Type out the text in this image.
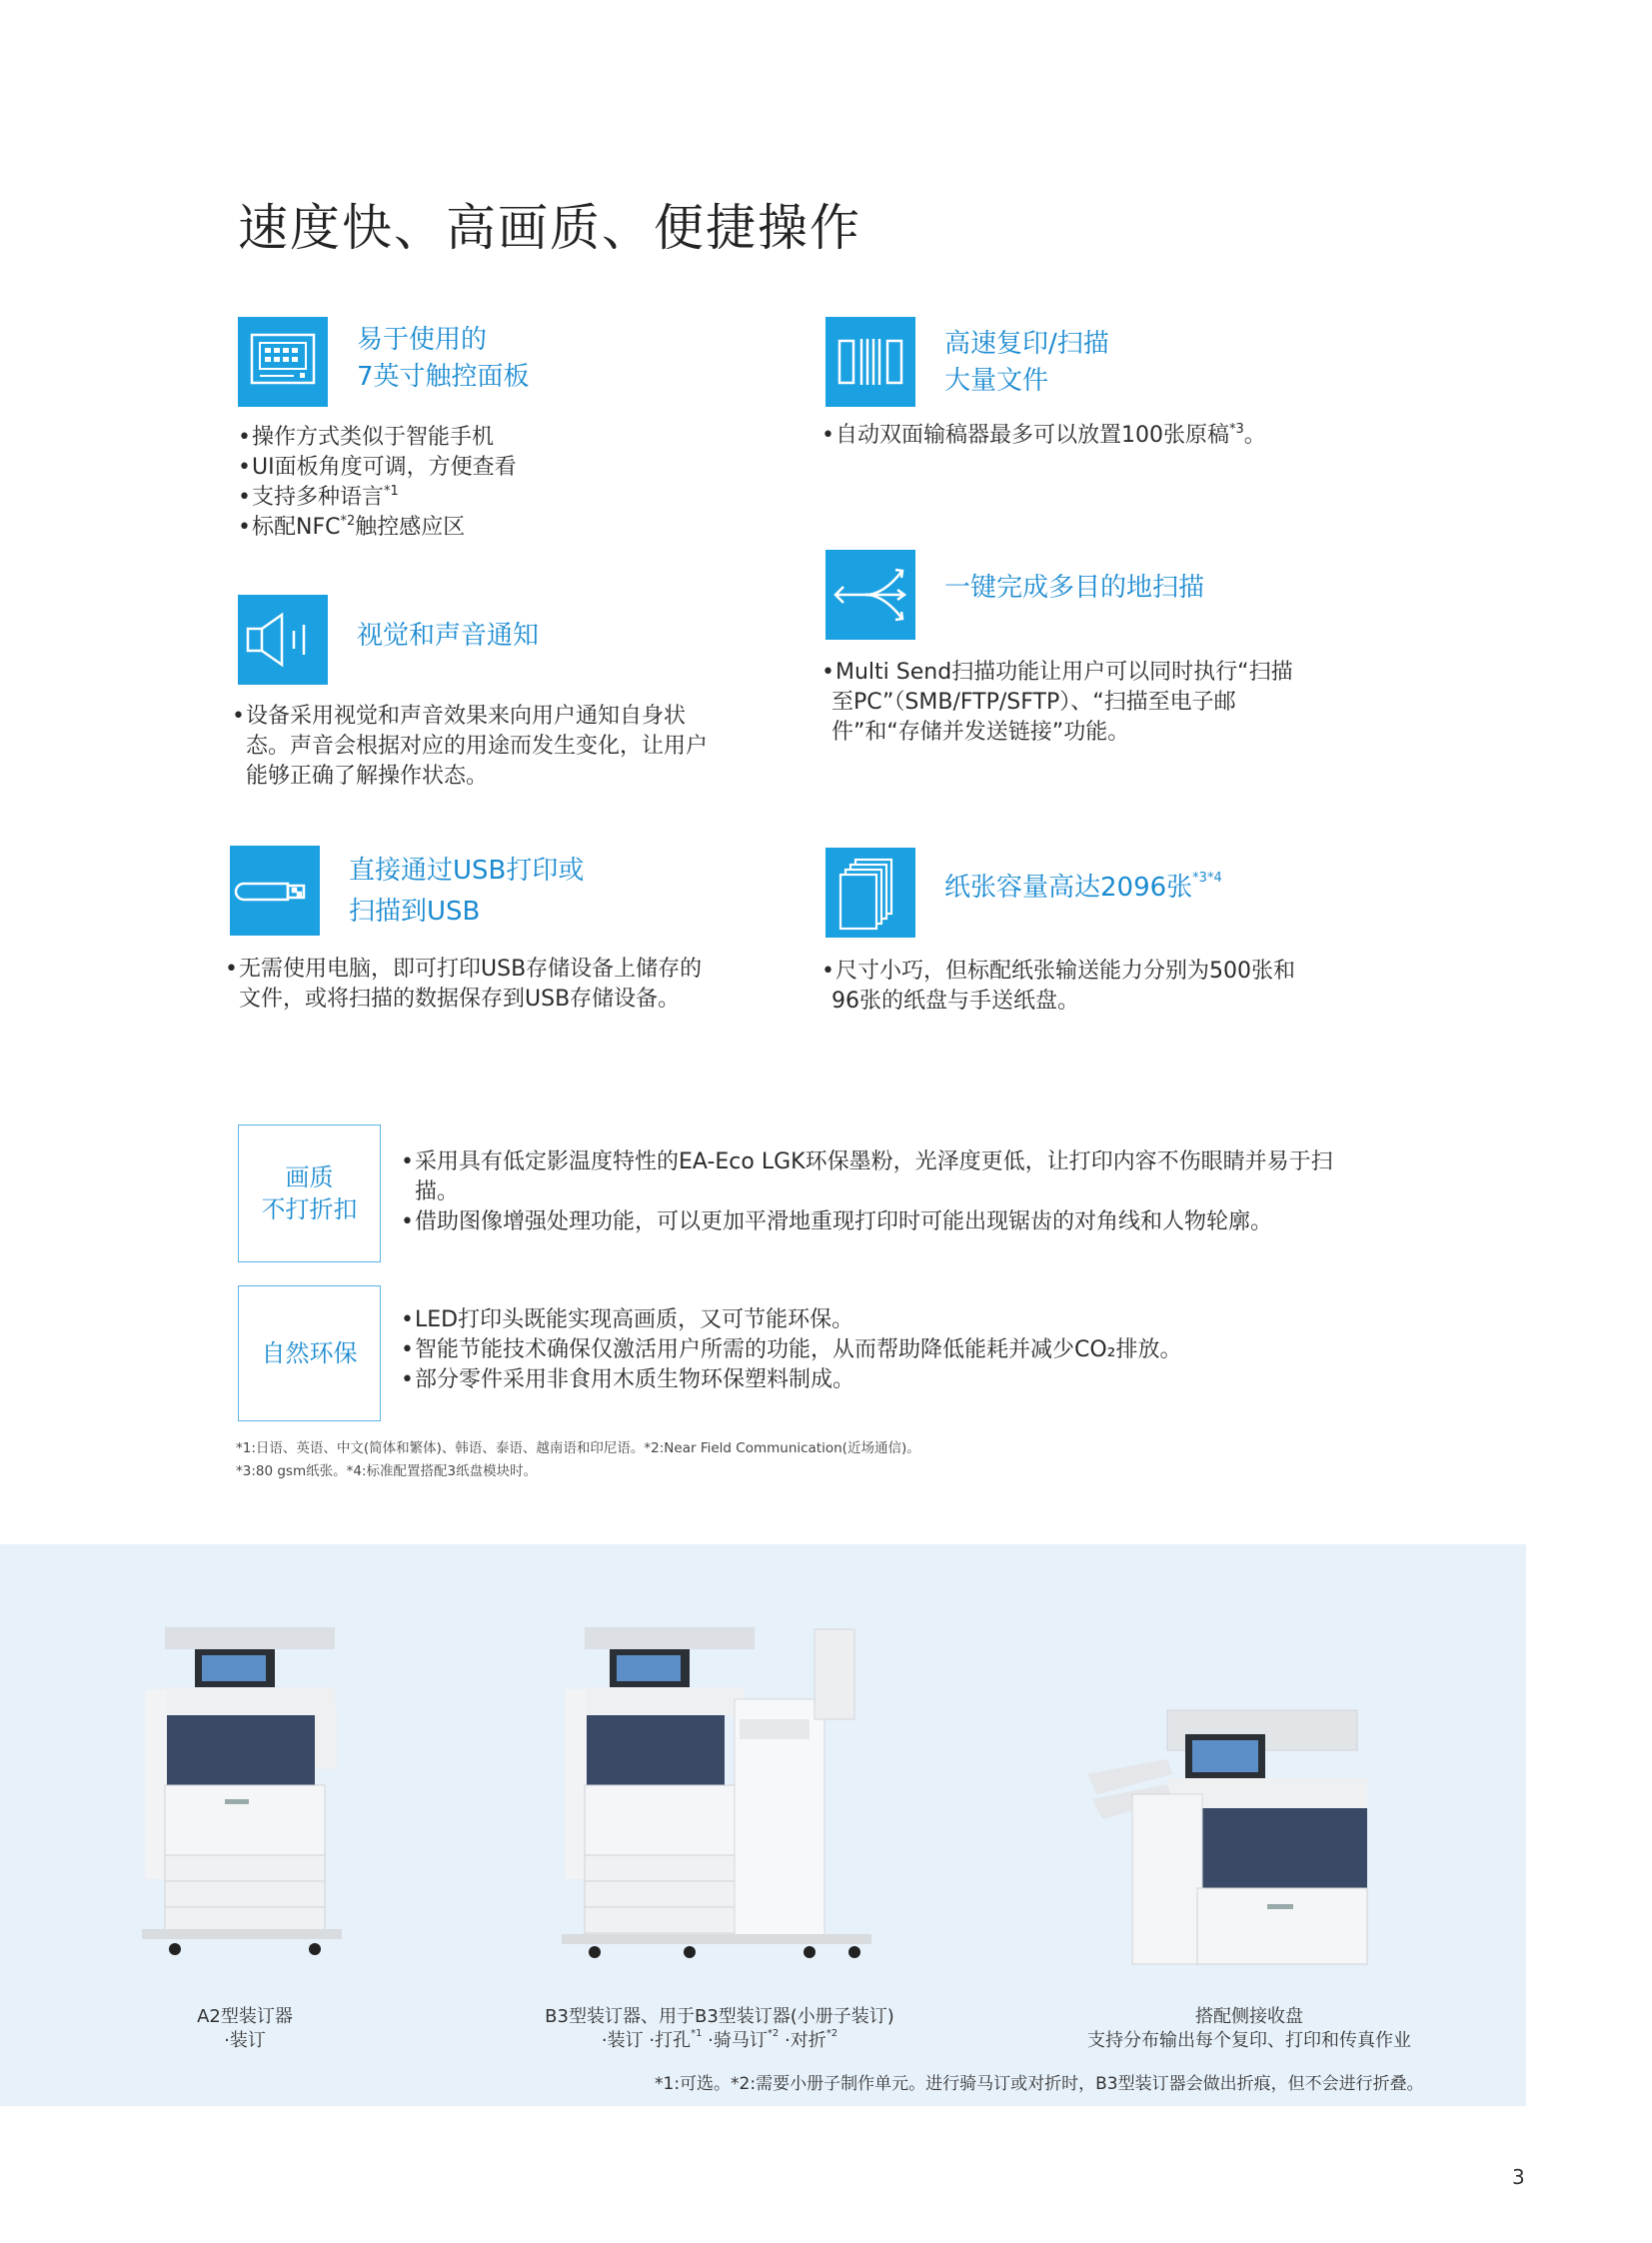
速度快、高画质、便捷操作
易于使用的
7英寸触控面板
• 操作方式类似于智能手机
• UI面板角度可调，方便查看
• 支持多种语言$^{*1}$
• 标配NFC$^{*2}$触控感应区
高速复印/扫描
大量文件
• 自动双面输稿器最多可以放置100张原稿$^{*3}$。
视觉和声音通知
• 设备采用视觉和声音效果来向用户通知自身状
态。声音会根据对应的用途而发生变化，让用户
能够正确了解操作状态。
一键完成多目的地扫描
• Multi Send扫描功能让用户可以同时执行“扫描
至PC”（SMB/FTP/SFTP）、“扫描至电子邮
件”和“存储并发送链接”功能。
直接通过USB打印或
扫描到USB
• 无需使用电脑，即可打印USB存储设备上储存的
文件，或将扫描的数据保存到USB存储设备。
纸张容量高达2096张$^{*3*4}$
• 尺寸小巧，但标配纸张输送能力分别为500张和
96张的纸盘与手送纸盘。
画质
不打折扣
• 采用具有低定影温度特性的EA-Eco LGK环保墨粉，光泽度更低，让打印内容不伤眼睛并易于扫
描。
• 借助图像增强处理功能，可以更加平滑地重现打印时可能出现锯齿的对角线和人物轮廓。
自然环保
• LED打印头既能实现高画质，又可节能环保。
• 智能节能技术确保仅激活用户所需的功能，从而帮助降低能耗并减少CO₂排放。
• 部分零件采用非食用木质生物环保塑料制成。
*1:日语、英语、中文(简体和繁体)、韩语、泰语、越南语和印尼语。*2:Near Field Communication(近场通信)。
*3:80 gsm纸张。*4:标准配置搭配3纸盘模块时。
A2型装订器
·装订
B3型装订器、用于B3型装订器(小册子装订)
·装订 ·打孔$^{*1}$ ·骑马订$^{*2}$ ·对折$^{*2}$
搭配侧接收盘
支持分布输出每个复印、打印和传真作业
*1:可选。*2:需要小册子制作单元。进行骑马订或对折时，B3型装订器会做出折痕，但不会进行折叠。
3
